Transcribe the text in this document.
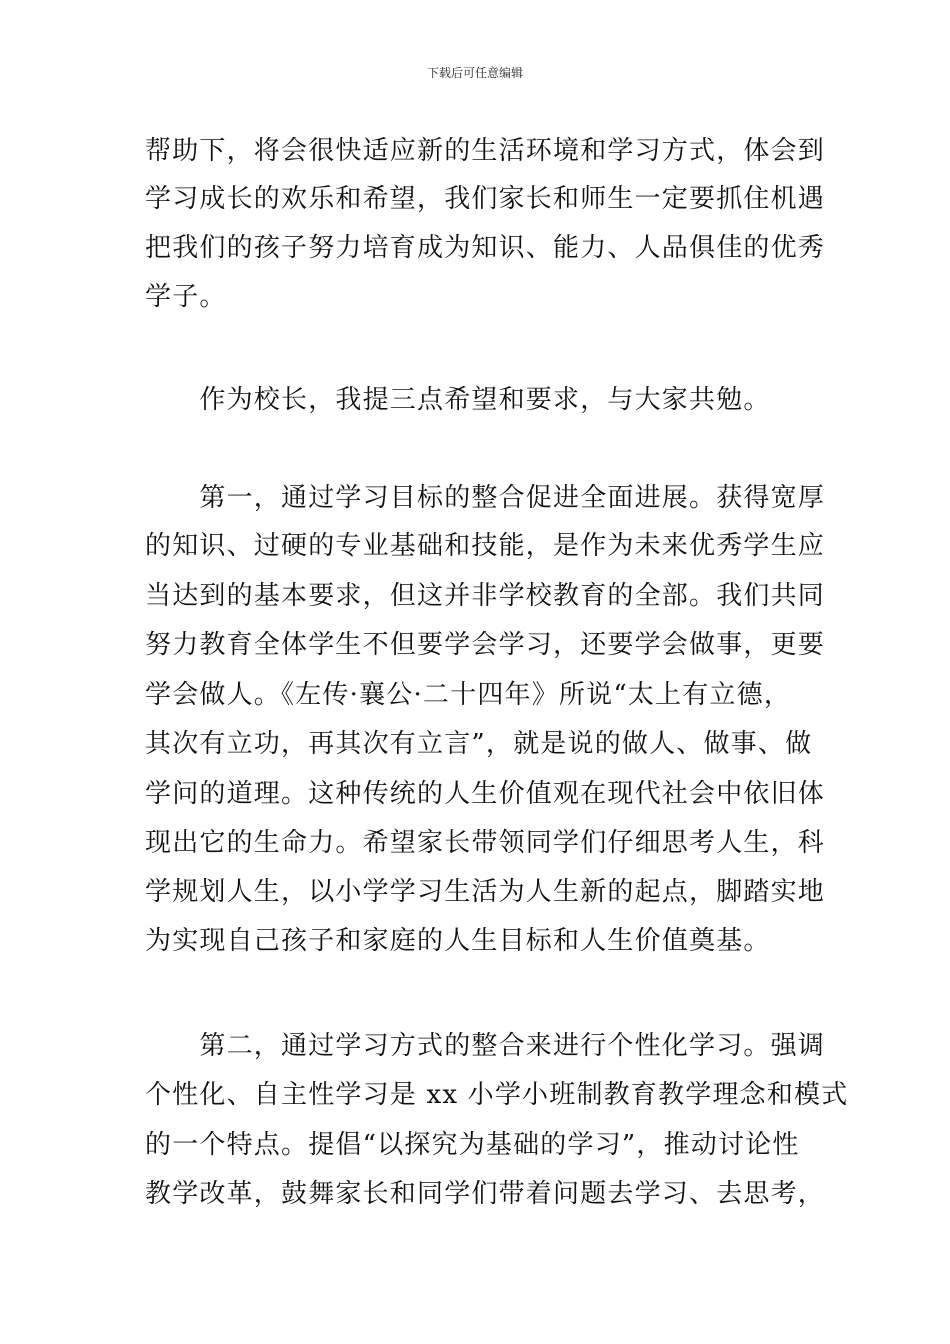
下载后可任意编辑
帮助下，将会很快适应新的生活环境和学习方式，体会到
学习成长的欢乐和希望，我们家长和师生一定要抓住机遇
把我们的孩子努力培育成为知识、能力、人品俱佳的优秀
学子。
　　作为校长，我提三点希望和要求，与大家共勉。
　　第一，通过学习目标的整合促进全面进展。获得宽厚
的知识、过硬的专业基础和技能，是作为未来优秀学生应
当达到的基本要求，但这并非学校教育的全部。我们共同
努力教育全体学生不但要学会学习，还要学会做事，更要
学会做人。《左传·襄公·二十四年》所说“太上有立德，
其次有立功，再其次有立言”，就是说的做人、做事、做
学问的道理。这种传统的人生价值观在现代社会中依旧体
现出它的生命力。希望家长带领同学们仔细思考人生，科
学规划人生，以小学学习生活为人生新的起点，脚踏实地
为实现自己孩子和家庭的人生目标和人生价值奠基。
　　第二，通过学习方式的整合来进行个性化学习。强调
个性化、自主性学习是 xx 小学小班制教育教学理念和模式
的一个特点。提倡“以探究为基础的学习”，推动讨论性
教学改革，鼓舞家长和同学们带着问题去学习、去思考，
